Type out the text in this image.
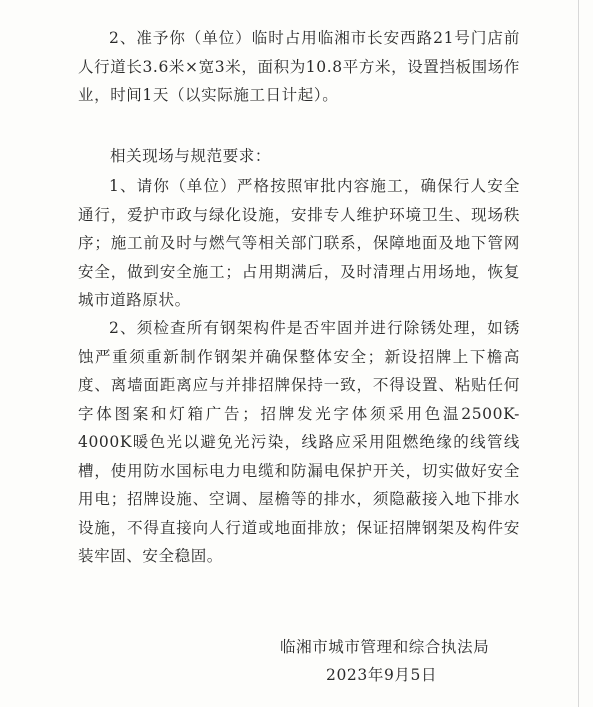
2、准予你（单位）临时占用临湘市长安西路21号门店前人行道长3.6米×宽3米，面积为10.8平方米，设置挡板围场作业，时间1天（以实际施工日计起）。

相关现场与规范要求：

1、请你（单位）严格按照审批内容施工，确保行人安全通行，爱护市政与绿化设施，安排专人维护环境卫生、现场秩序；施工前及时与燃气等相关部门联系，保障地面及地下管网安全，做到安全施工；占用期满后，及时清理占用场地，恢复城市道路原状。

2、须检查所有钢架构件是否牢固并进行除锈处理，如锈蚀严重须重新制作钢架并确保整体安全；新设招牌上下檐高度、离墙面距离应与并排招牌保持一致，不得设置、粘贴任何字体图案和灯箱广告；招牌发光字体须采用色温2500K-4000K暖色光以避免光污染，线路应采用阻燃绝缘的线管线槽，使用防水国标电力电缆和防漏电保护开关，切实做好安全用电；招牌设施、空调、屋檐等的排水，须隐蔽接入地下排水设施，不得直接向人行道或地面排放；保证招牌钢架及构件安装牢固、安全稳固。

临湘市城市管理和综合执法局

2023年9月5日
